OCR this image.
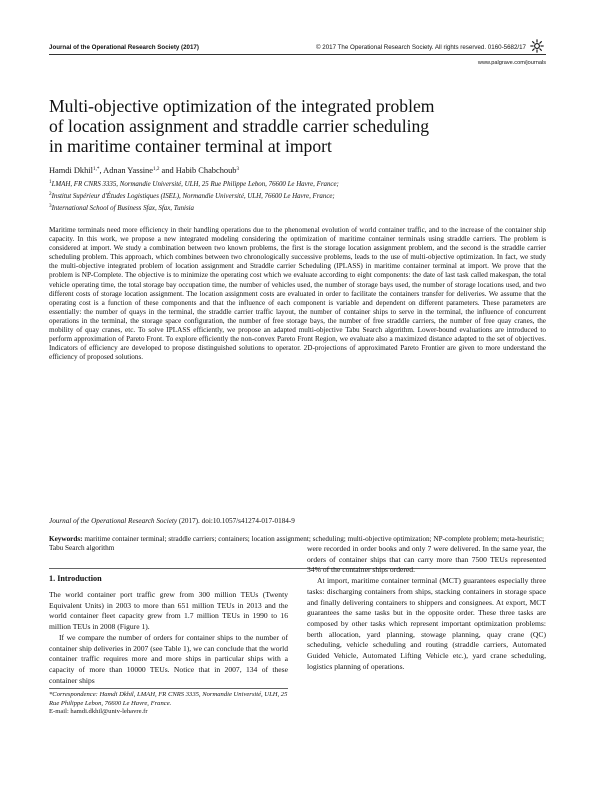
Journal of the Operational Research Society (2017)	© 2017 The Operational Research Society. All rights reserved. 0160-5682/17
www.palgrave.com/journals
Multi-objective optimization of the integrated problem
of location assignment and straddle carrier scheduling
in maritime container terminal at import
Hamdi Dkhil$^{1,*}$, Adnan Yassine$^{1,2}$ and Habib Chabchoub$^3$
$^1$LMAH, FR CNRS 3335, Normandie Université, ULH, 25 Rue Philippe Lebon, 76600 Le Havre, France;
$^2$Institut Supérieur d'Études Logistiques (ISEL), Normandie Université, ULH, 76600 Le Havre, France;
$^3$International School of Business Sfax, Sfax, Tunisia

Maritime terminals need more efficiency in their handling operations due to the phenomenal evolution of world container traffic, and to the increase of the container ship capacity. In this work, we propose a new integrated modeling considering the optimization of maritime container terminals using straddle carriers. The problem is considered at import. We study a combination between two known problems, the first is the storage location assignment problem, and the second is the straddle carrier scheduling problem. This approach, which combines between two chronologically successive problems, leads to the use of multi-objective optimization. In fact, we study the multi-objective integrated problem of location assignment and Straddle carrier Scheduling (IPLASS) in maritime container terminal at import. We prove that the problem is NP-Complete. The objective is to minimize the operating cost which we evaluate according to eight components: the date of last task called makespan, the total vehicle operating time, the total storage bay occupation time, the number of vehicles used, the number of storage bays used, the number of storage locations used, and two different costs of storage location assignment. The location assignment costs are evaluated in order to facilitate the containers transfer for deliveries. We assume that the operating cost is a function of these components and that the influence of each component is variable and dependent on different parameters. These parameters are essentially: the number of quays in the terminal, the straddle carrier traffic layout, the number of container ships to serve in the terminal, the influence of concurrent operations in the terminal, the storage space configuration, the number of free storage bays, the number of free straddle carriers, the number of free quay cranes, the mobility of quay cranes, etc. To solve IPLASS efficiently, we propose an adapted multi-objective Tabu Search algorithm. Lower-bound evaluations are introduced to perform approximation of Pareto Front. To explore efficiently the non-convex Pareto Front Region, we evaluate also a maximized distance adapted to the set of objectives. Indicators of efficiency are developed to propose distinguished solutions to operator. 2D-projections of approximated Pareto Frontier are given to more understand the efficiency of proposed solutions.

Journal of the Operational Research Society (2017). doi:10.1057/s41274-017-0184-9

Keywords: maritime container terminal; straddle carriers; containers; location assignment; scheduling; multi-objective optimization; NP-complete problem; meta-heuristic; Tabu Search algorithm

1. Introduction

The world container port traffic grew from 300 million TEUs (Twenty Equivalent Units) in 2003 to more than 651 million TEUs in 2013 and the world container fleet capacity grew from 1.7 million TEUs in 1990 to 16 million TEUs in 2008 (Figure 1).

If we compare the number of orders for container ships to the number of container ship deliveries in 2007 (see Table 1), we can conclude that the world container traffic requires more and more ships in particular ships with a capacity of more than 10000 TEUs. Notice that in 2007, 134 of these container ships

were recorded in order books and only 7 were delivered. In the same year, the orders of container ships that can carry more than 7500 TEUs represented 34% of the container ships ordered.

At import, maritime container terminal (MCT) guarantees especially three tasks: discharging containers from ships, stacking containers in storage space and finally delivering containers to shippers and consignees. At export, MCT guarantees the same tasks but in the opposite order. These three tasks are composed by other tasks which represent important optimization problems: berth allocation, yard planning, stowage planning, quay crane (QC) scheduling, vehicle scheduling and routing (straddle carriers, Automated Guided Vehicle, Automated Lifting Vehicle etc.), yard crane scheduling, logistics planning of operations.

*Correspondence: Hamdi Dkhil, LMAH, FR CNRS 3335, Normandie Université, ULH, 25 Rue Philippe Lebon, 76600 Le Havre, France.
E-mail: hamdi.dkhil@univ-lehavre.fr
